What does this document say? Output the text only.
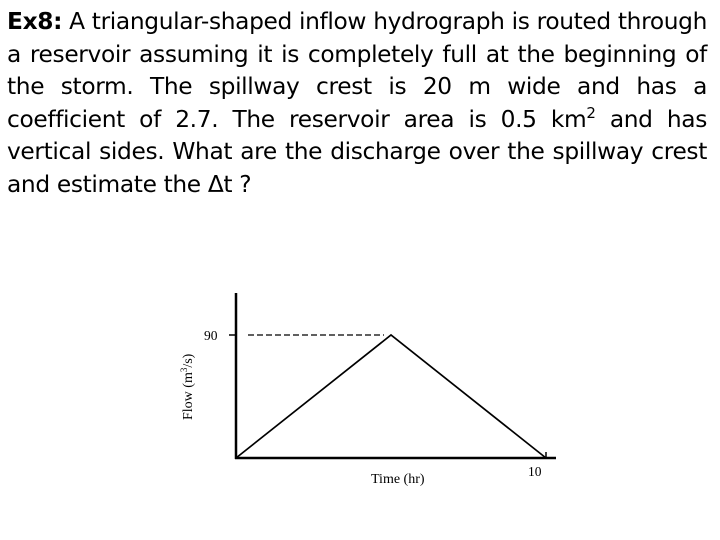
Ex8: A triangular-shaped inflow hydrograph is routed through a reservoir assuming it is completely full at the beginning of the storm. The spillway crest is 20 m wide and has a coefficient of 2.7. The reservoir area is 0.5 $km^2$ and has vertical sides. What are the discharge over the spillway crest and estimate the Δt ?

90
10
Time (hr)
Flow $(m^3/s)$
